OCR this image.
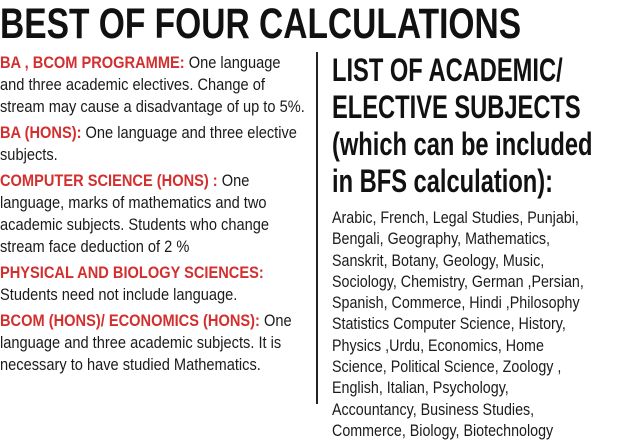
BEST OF FOUR CALCULATIONS

BA , BCOM PROGRAMME: One language and three academic electives. Change of stream may cause a disadvantage of up to 5%.

BA (HONS): One language and three elective subjects.

COMPUTER SCIENCE (HONS) : One language, marks of mathematics and two academic subjects. Students who change stream face deduction of 2 %

PHYSICAL AND BIOLOGY SCIENCES: Students need not include language.

BCOM (HONS)/ ECONOMICS (HONS): One language and three academic subjects. It is necessary to have studied Mathematics.

LIST OF ACADEMIC/
ELECTIVE SUBJECTS
(which can be included
in BFS calculation):
Arabic, French, Legal Studies, Punjabi,
Bengali, Geography, Mathematics,
Sanskrit, Botany, Geology, Music,
Sociology, Chemistry, German ,Persian,
Spanish, Commerce, Hindi ,Philosophy
Statistics Computer Science, History,
Physics ,Urdu, Economics, Home
Science, Political Science, Zoology ,
English, Italian, Psychology,
Accountancy, Business Studies,
Commerce, Biology, Biotechnology
